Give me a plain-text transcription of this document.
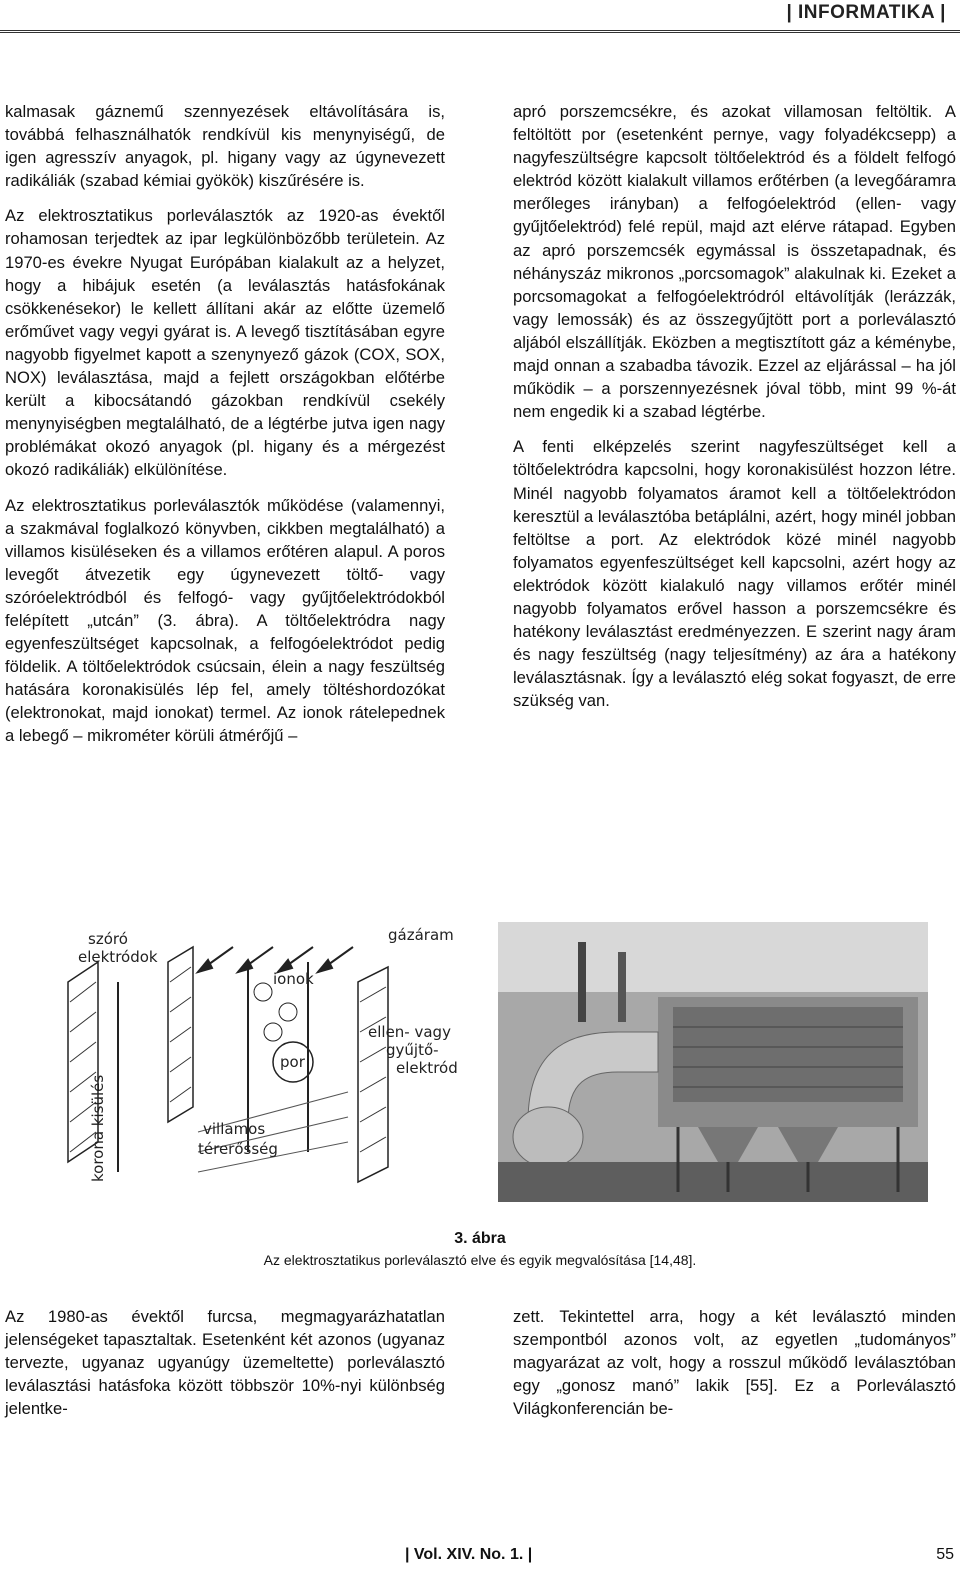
| INFORMATIKA |

kalmasak gáznemű szennyezések eltávolítására is, továbbá felhasználhatók rendkívül kis menynyiségű, de igen agresszív anyagok, pl. higany vagy az úgynevezett radikáliák (szabad kémiai gyökök) kiszűrésére is.

Az elektrosztatikus porleválasztók az 1920-as évektől rohamosan terjedtek az ipar legkülönbözőbb területein. Az 1970-es évekre Nyugat Európában kialakult az a helyzet, hogy a hibájuk esetén (a leválasztás hatásfokának csökkenésekor) le kellett állítani akár az előtte üzemelő erőművet vagy vegyi gyárat is. A levegő tisztításában egyre nagyobb figyelmet kapott a szenynyező gázok (COX, SOX, NOX) leválasztása, majd a fejlett országokban előtérbe került a kibocsátandó gázokban rendkívül csekély menynyiségben megtalálható, de a légtérbe jutva igen nagy problémákat okozó anyagok (pl. higany és a mérgezést okozó radikáliák) elkülönítése.

Az elektrosztatikus porleválasztók működése (valamennyi, a szakmával foglalkozó könyvben, cikkben megtalálható) a villamos kisüléseken és a villamos erőtéren alapul. A poros levegőt átvezetik egy úgynevezett töltő- vagy szóróelektródból és felfogó- vagy gyűjtőelektródokból felépített „utcán” (3. ábra). A töltőelektródra nagy egyenfeszültséget kapcsolnak, a felfogóelektródot pedig földelik. A töltőelektródok csúcsain, élein a nagy feszültség hatására koronakisülés lép fel, amely töltéshordozókat (elektronokat, majd ionokat) termel. Az ionok rátelepednek a lebegő – mikrométer körüli átmérőjű –

apró porszemcsékre, és azokat villamosan feltöltik. A feltöltött por (esetenként pernye, vagy folyadékcsepp) a nagyfeszültségre kapcsolt töltőelektród és a földelt felfogó elektród között kialakult villamos erőtérben (a levegőáramra merőleges irányban) a felfogóelektród (ellen- vagy gyűjtőelektród) felé repül, majd azt elérve rátapad. Egyben az apró porszemcsék egymással is összetapadnak, és néhányszáz mikronos „porcsomagok” alakulnak ki. Ezeket a porcsomagokat a felfogóelektródról eltávolítják (lerázzák, vagy lemossák) és az összegyűjtött port a porleválasztó aljából elszállítják. Eközben a megtisztított gáz a kéménybe, majd onnan a szabadba távozik. Ezzel az eljárással – ha jól működik – a porszennyezésnek jóval több, mint 99 %-át nem engedik ki a szabad légtérbe.

A fenti elképzelés szerint nagyfeszültséget kell a töltőelektródra kapcsolni, hogy koronakisülést hozzon létre. Minél nagyobb folyamatos áramot kell a töltőelektródon keresztül a leválasztóba betáplálni, azért, hogy minél jobban feltöltse a port. Az elektródok közé minél nagyobb folyamatos egyenfeszültséget kell kapcsolni, azért hogy az elektródok között kialakuló nagy villamos erőtér minél nagyobb folyamatos erővel hasson a porszemcsékre és hatékony leválasztást eredményezzen. E szerint nagy áram és nagy feszültség (nagy teljesítmény) az ára a hatékony leválasztásnak. Így a leválasztó elég sokat fogyaszt, de erre szükség van.

szóró
elektródok
gázáram
ionok
por
ellen- vagy
gyűjtő-
elektród
korona kisülés	villamos
térerősség
3. ábra
Az elektrosztatikus porleválasztó elve és egyik megvalósítása [14,48].

Az 1980-as évektől furcsa, megmagyarázhatatlan jelenségeket tapasztaltak. Esetenként két azonos (ugyanaz tervezte, ugyanaz ugyanúgy üzemeltette) porleválasztó leválasztási hatásfoka között többször 10%-nyi különbség jelentke-

zett. Tekintettel arra, hogy a két leválasztó minden szempontból azonos volt, az egyetlen „tudományos” magyarázat az volt, hogy a rosszul működő leválasztóban egy „gonosz manó” lakik [55]. Ez a Porleválasztó Világkonferencián be-

| Vol. XIV. No. 1. |	55
